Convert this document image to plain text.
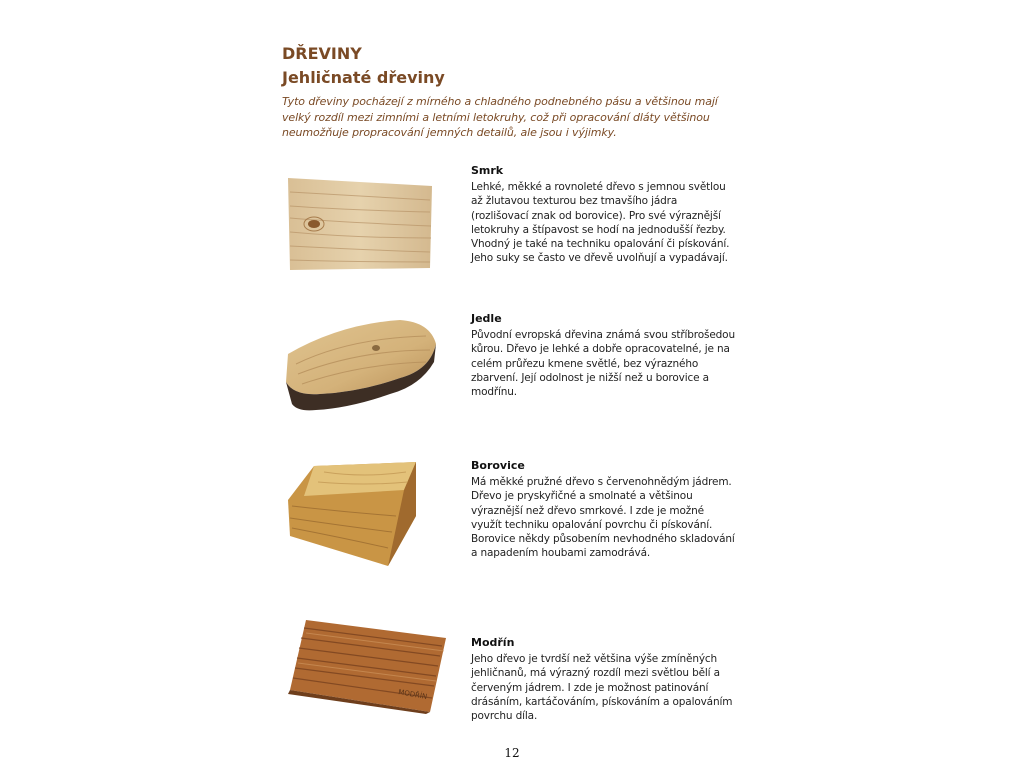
DŘEVINY
Jehličnaté dřeviny

Tyto dřeviny pocházejí z mírného a chladného podnebného pásu a většinou mají velký rozdíl mezi zimními a letními letokruhy, což při opracování dláty většinou neumožňuje propracování jemných detailů, ale jsou i výjimky.

Smrk

Lehké, měkké a rovnoleté dřevo s jemnou světlou až žlutavou texturou bez tmavšího jádra (rozlišovací znak od borovice). Pro své výraznější letokruhy a štípavost se hodí na jednodušší řezby. Vhodný je také na techniku opalování či pískování. Jeho suky se často ve dřevě uvolňují a vypadávají.

Jedle

Původní evropská dřevina známá svou stříbrošedou kůrou. Dřevo je lehké a dobře opracovatelné, je na celém průřezu kmene světlé, bez výrazného zbarvení. Její odolnost je nižší než u borovice a modřínu.

Borovice

Má měkké pružné dřevo s červenohnědým jádrem. Dřevo je pryskyřičné a smolnaté a většinou výraznější než dřevo smrkové. I zde je možné využít techniku opalování povrchu či pískování. Borovice někdy působením nevhodného skladování a napadením houbami zamodrává.

MODŘÍN
Modřín

Jeho dřevo je tvrdší než většina výše zmíněných jehličnanů, má výrazný rozdíl mezi světlou bělí a červeným jádrem. I zde je možnost patinování drásáním, kartáčováním, pískováním a opalováním povrchu díla.

12
